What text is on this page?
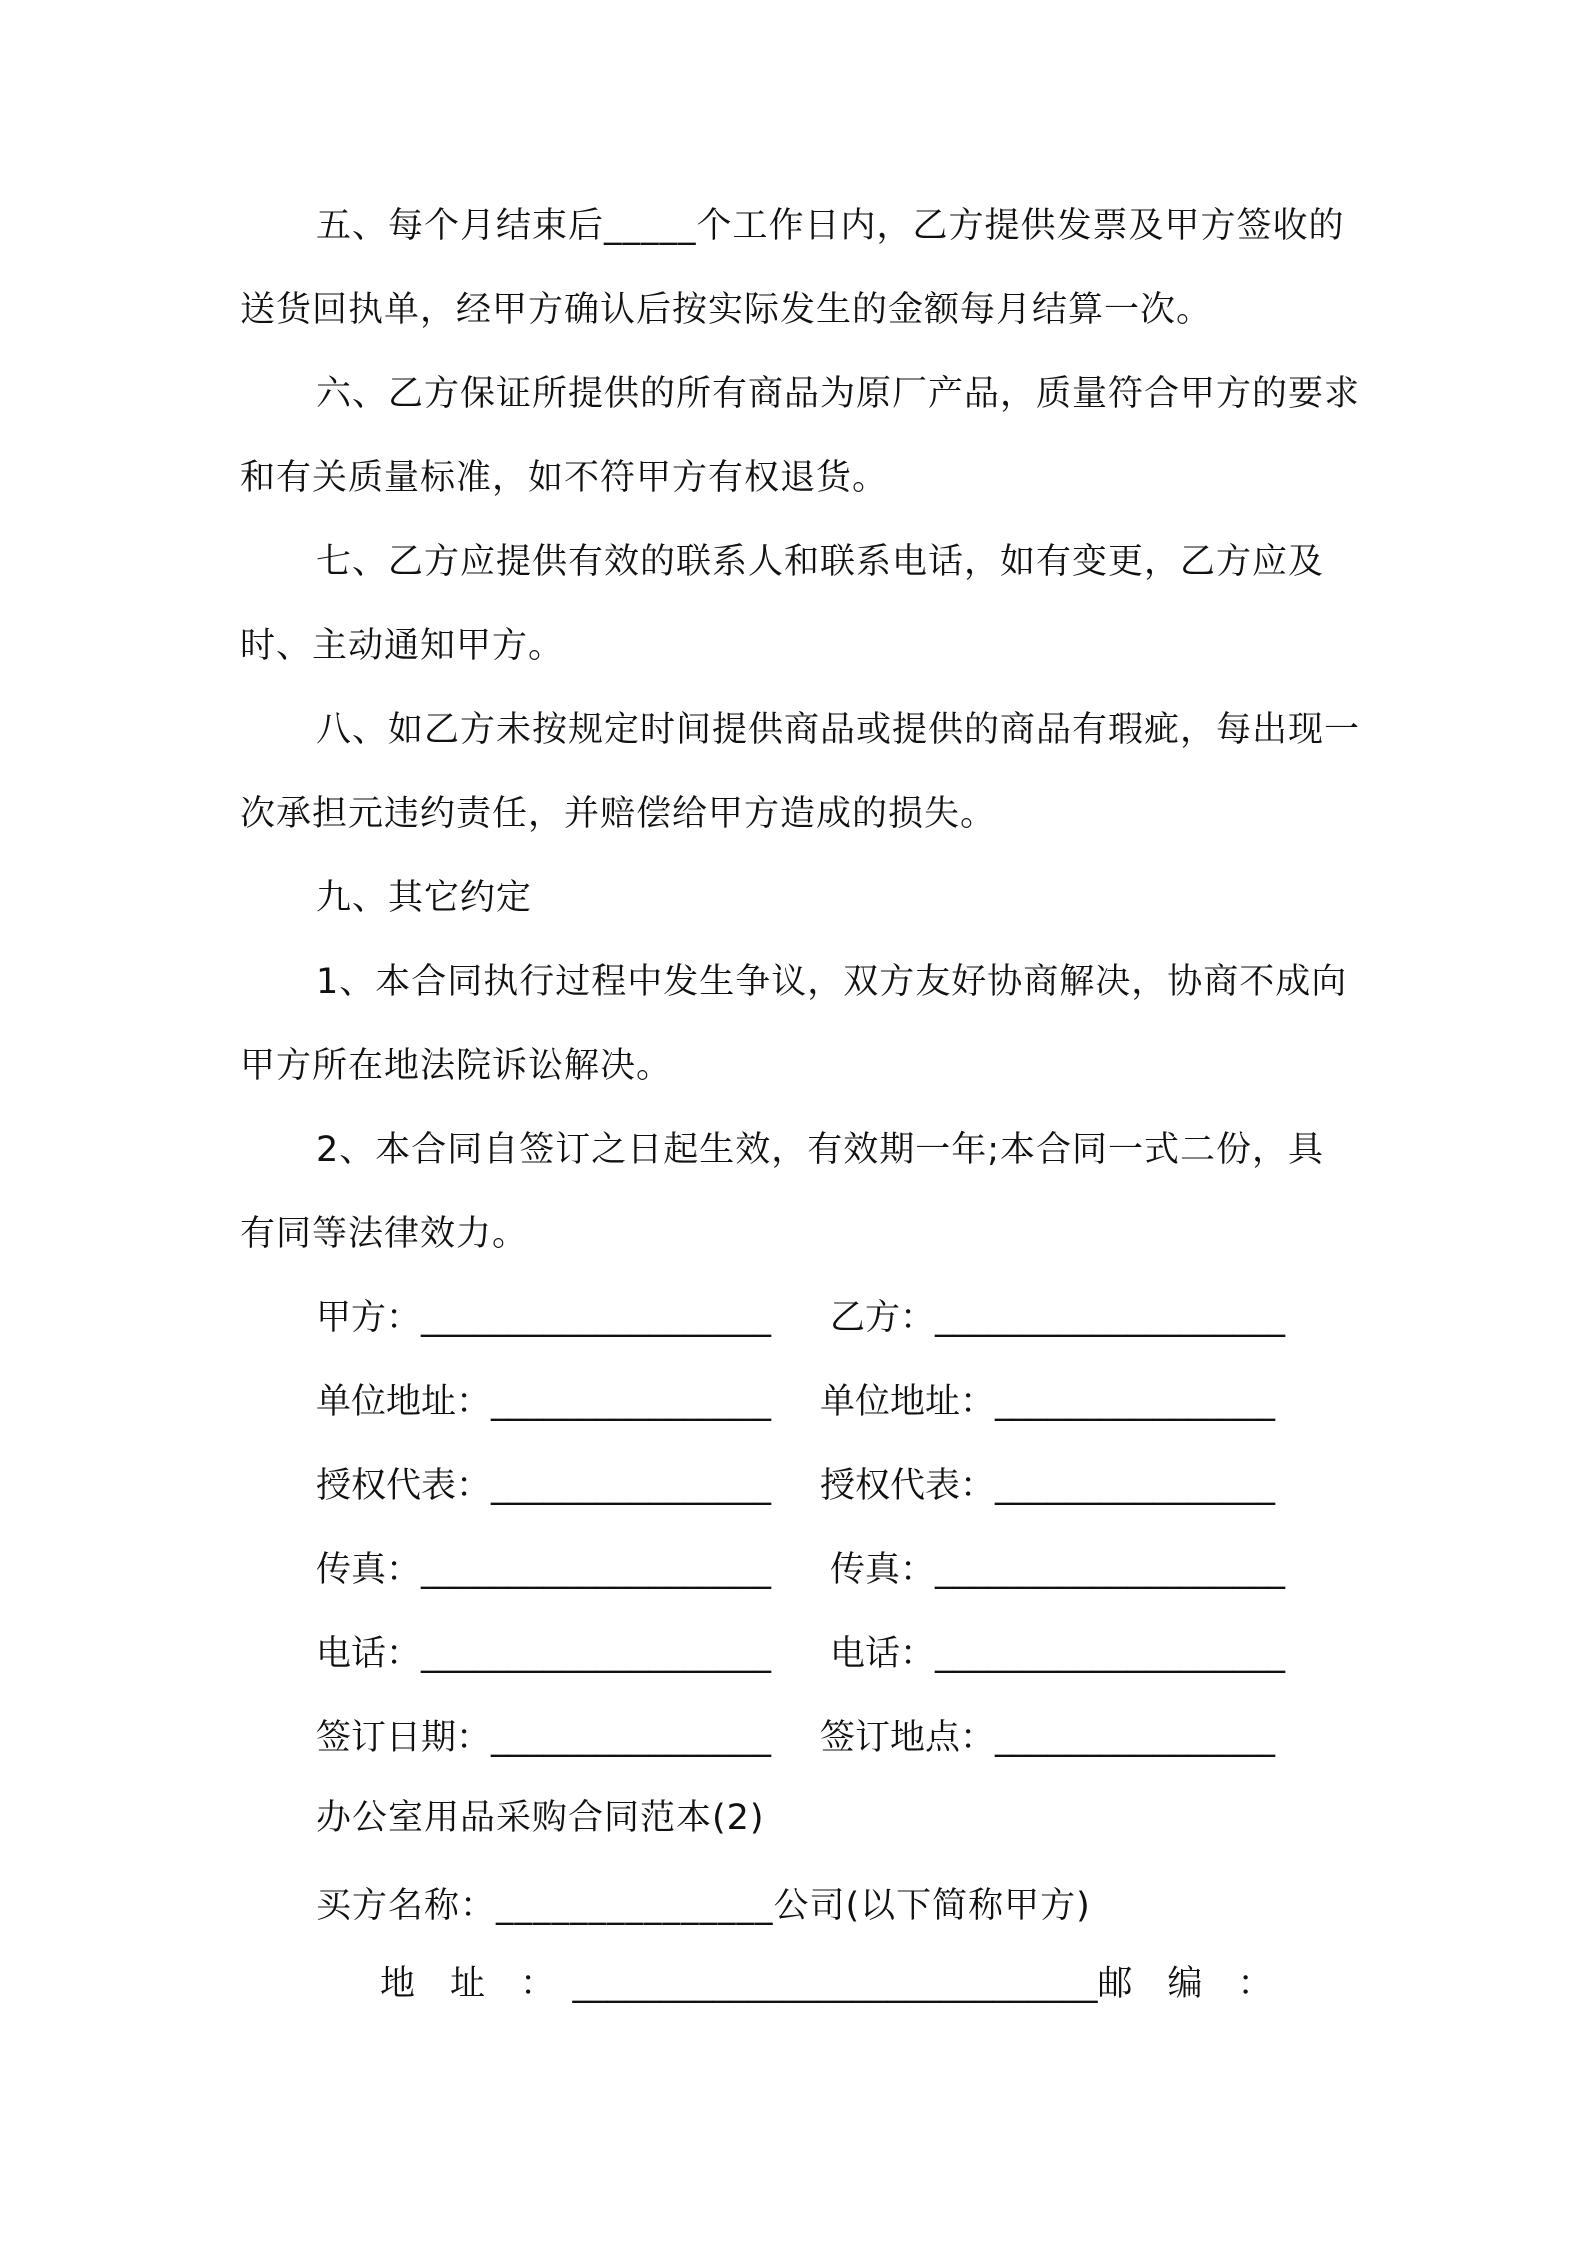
五、每个月结束后_____个工作日内，乙方提供发票及甲方签收的送货回执单，经甲方确认后按实际发生的金额每月结算一次。

六、乙方保证所提供的所有商品为原厂产品，质量符合甲方的要求和有关质量标准，如不符甲方有权退货。

七、乙方应提供有效的联系人和联系电话，如有变更，乙方应及时、主动通知甲方。

八、如乙方未按规定时间提供商品或提供的商品有瑕疵，每出现一次承担元违约责任，并赔偿给甲方造成的损失。

九、其它约定

1、本合同执行过程中发生争议，双方友好协商解决，协商不成向甲方所在地法院诉讼解决。

2、本合同自签订之日起生效，有效期一年;本合同一式二份，具有同等法律效力。

甲方：____________________ 乙方：____________________
单位地址：________________ 单位地址：________________
授权代表：________________ 授权代表：________________
传真：____________________ 传真：____________________
电话：____________________ 电话：____________________
签订日期：________________ 签订地点：________________
办公室用品采购合同范本(2)
买方名称：_______________公司(以下简称甲方)
地　址　：　______________________________邮　编　：
